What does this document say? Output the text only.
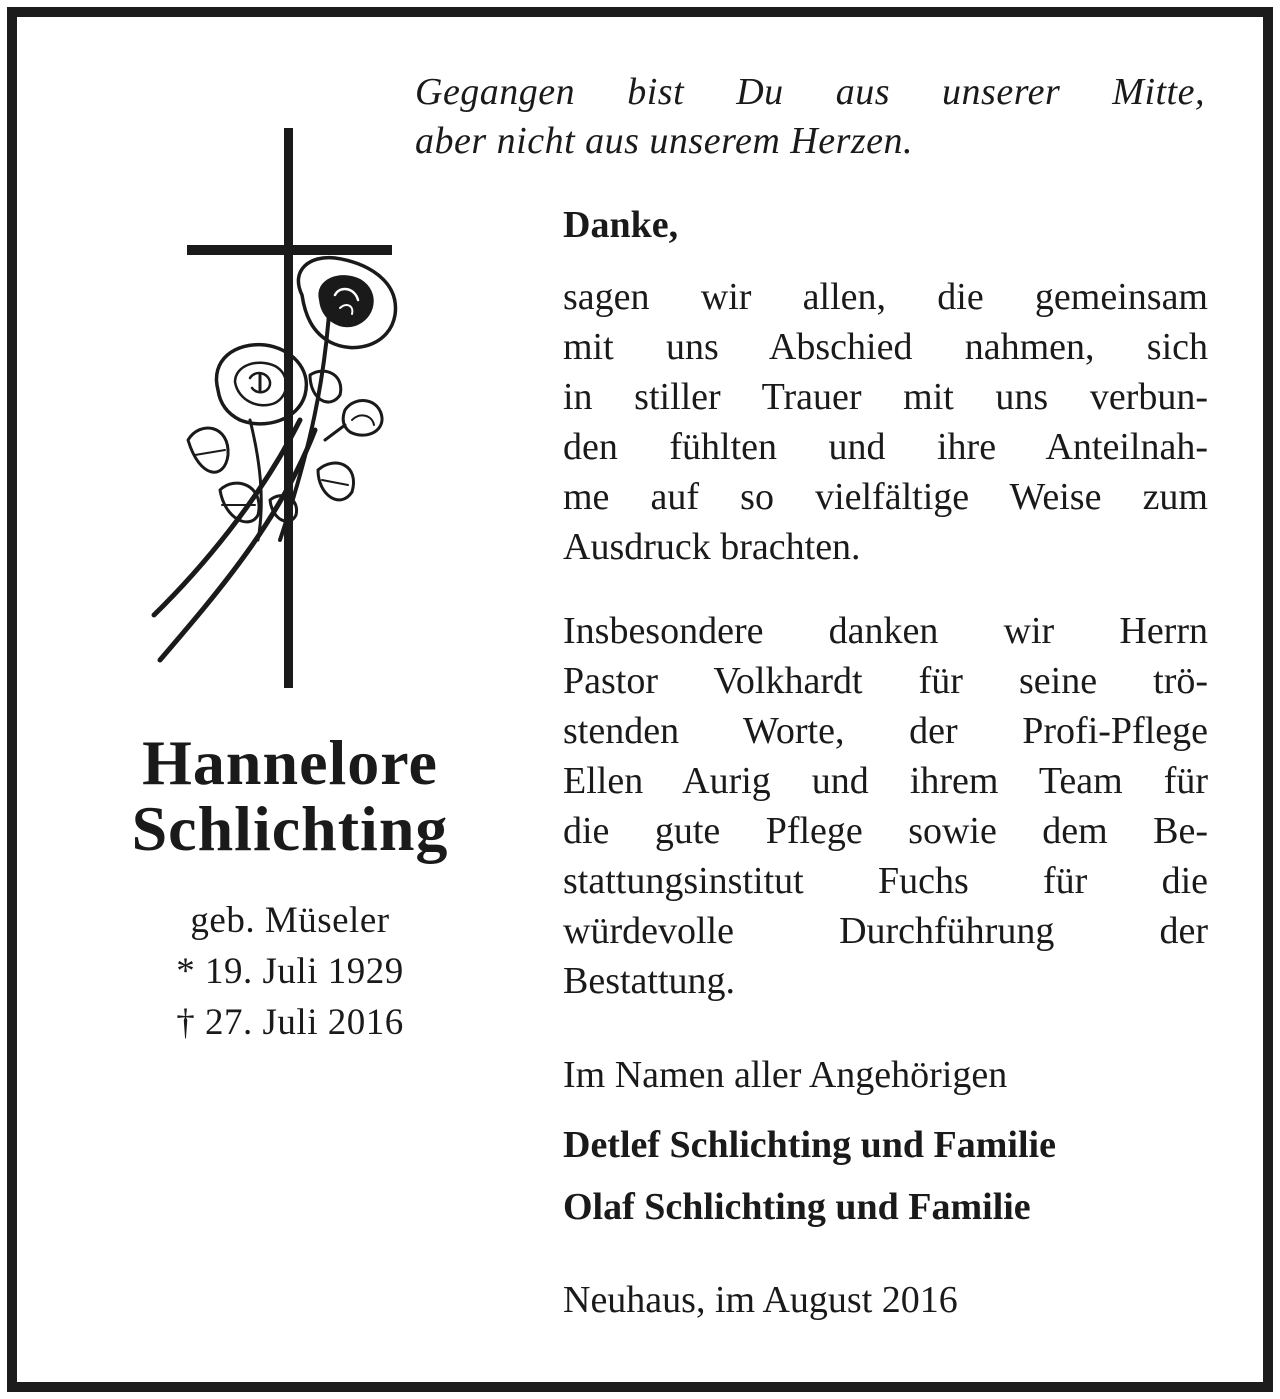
Gegangen bist Du aus unserer Mitte,
aber nicht aus unserem Herzen.

Hannelore
Schlichting
geb. Müseler
* 19. Juli 1929
† 27. Juli 2016
Danke,
sagen wir allen, die gemeinsam
mit uns Abschied nahmen, sich
in stiller Trauer mit uns verbun-
den fühlten und ihre Anteilnah-
me auf so vielfältige Weise zum
Ausdruck brachten.
Insbesondere danken wir Herrn
Pastor Volkhardt für seine trö-
stenden Worte, der Profi-Pflege
Ellen Aurig und ihrem Team für
die gute Pflege sowie dem Be-
stattungsinstitut Fuchs für die
würdevolle Durchführung der
Bestattung.
Im Namen aller Angehörigen
Detlef Schlichting und Familie
Olaf Schlichting und Familie
Neuhaus, im August 2016
